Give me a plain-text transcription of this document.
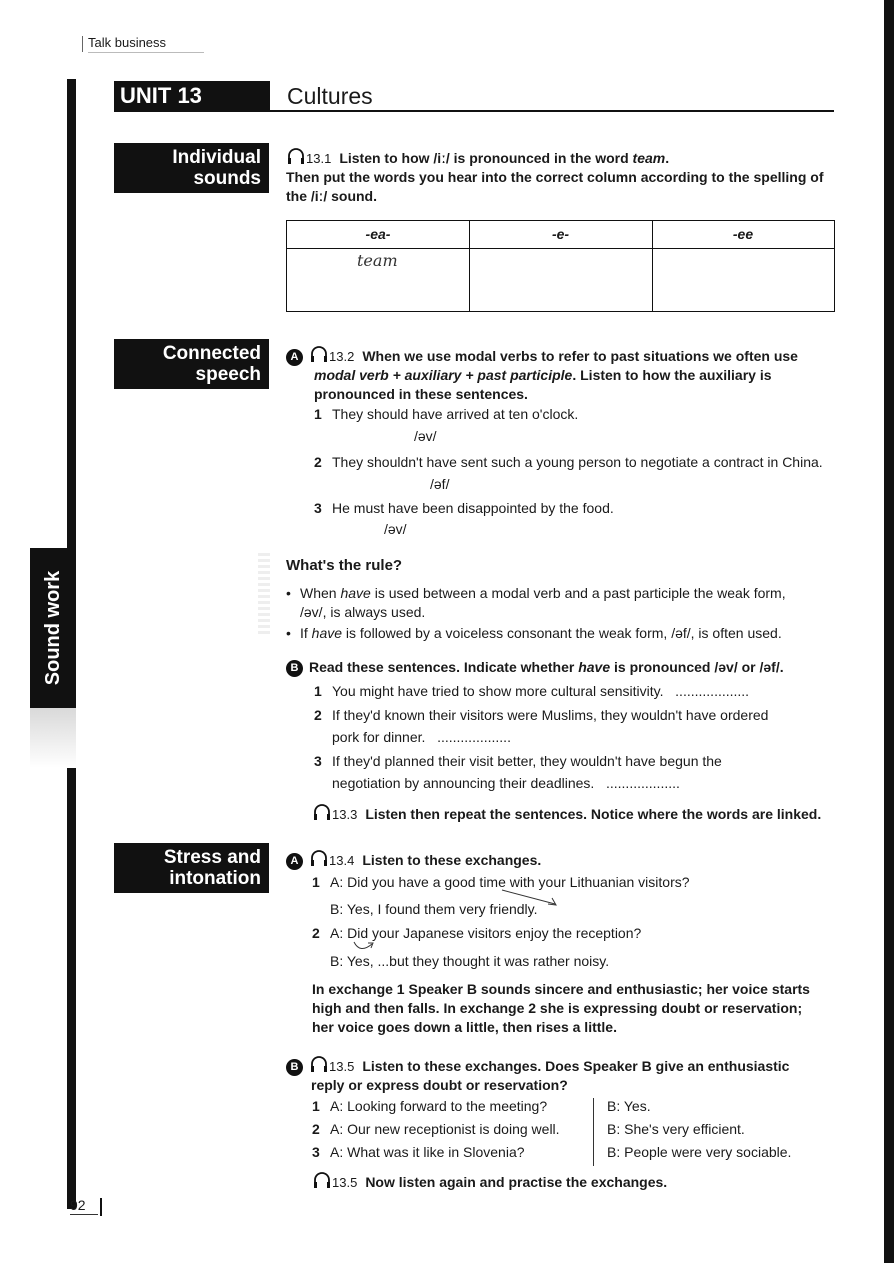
Talk business
UNIT 13	Cultures
Sound work
Individual
sounds
Connected
speech
Stress and
intonation
13.1 Listen to how /iː/ is pronounced in the word team.
Then put the words you hear into the correct column according to the spelling of
the /iː/ sound.
-ea-	-e-	-ee
team
A 13.2 When we use modal verbs to refer to past situations we often use
modal verb + auxiliary + past participle. Listen to how the auxiliary is
pronounced in these sentences.
1 They should have arrived at ten o'clock.
/əv/
2 They shouldn't have sent such a young person to negotiate a contract in China.
/əf/
3 He must have been disappointed by the food.
/əv/
What's the rule?
• When have is used between a modal verb and a past participle the weak form,
/əv/, is always used.
• If have is followed by a voiceless consonant the weak form, /əf/, is often used.
B Read these sentences. Indicate whether have is pronounced /əv/ or /əf/.
1 You might have tried to show more cultural sensitivity. ...................
2 If they'd known their visitors were Muslims, they wouldn't have ordered
pork for dinner. ...................
3 If they'd planned their visit better, they wouldn't have begun the
negotiation by announcing their deadlines. ...................
13.3 Listen then repeat the sentences. Notice where the words are linked.
A 13.4 Listen to these exchanges.
1 A: Did you have a good time with your Lithuanian visitors?
B: Yes, I found them very friendly.
2 A: Did your Japanese visitors enjoy the reception?
B: Yes, ...but they thought it was rather noisy.
In exchange 1 Speaker B sounds sincere and enthusiastic; her voice starts
high and then falls. In exchange 2 she is expressing doubt or reservation;
her voice goes down a little, then rises a little.
B 13.5 Listen to these exchanges. Does Speaker B give an enthusiastic
reply or express doubt or reservation?
1 A: Looking forward to the meeting?	B: Yes.
2 A: Our new receptionist is doing well.	B: She's very efficient.
3 A: What was it like in Slovenia?	B: People were very sociable.
13.5 Now listen again and practise the exchanges.
92
